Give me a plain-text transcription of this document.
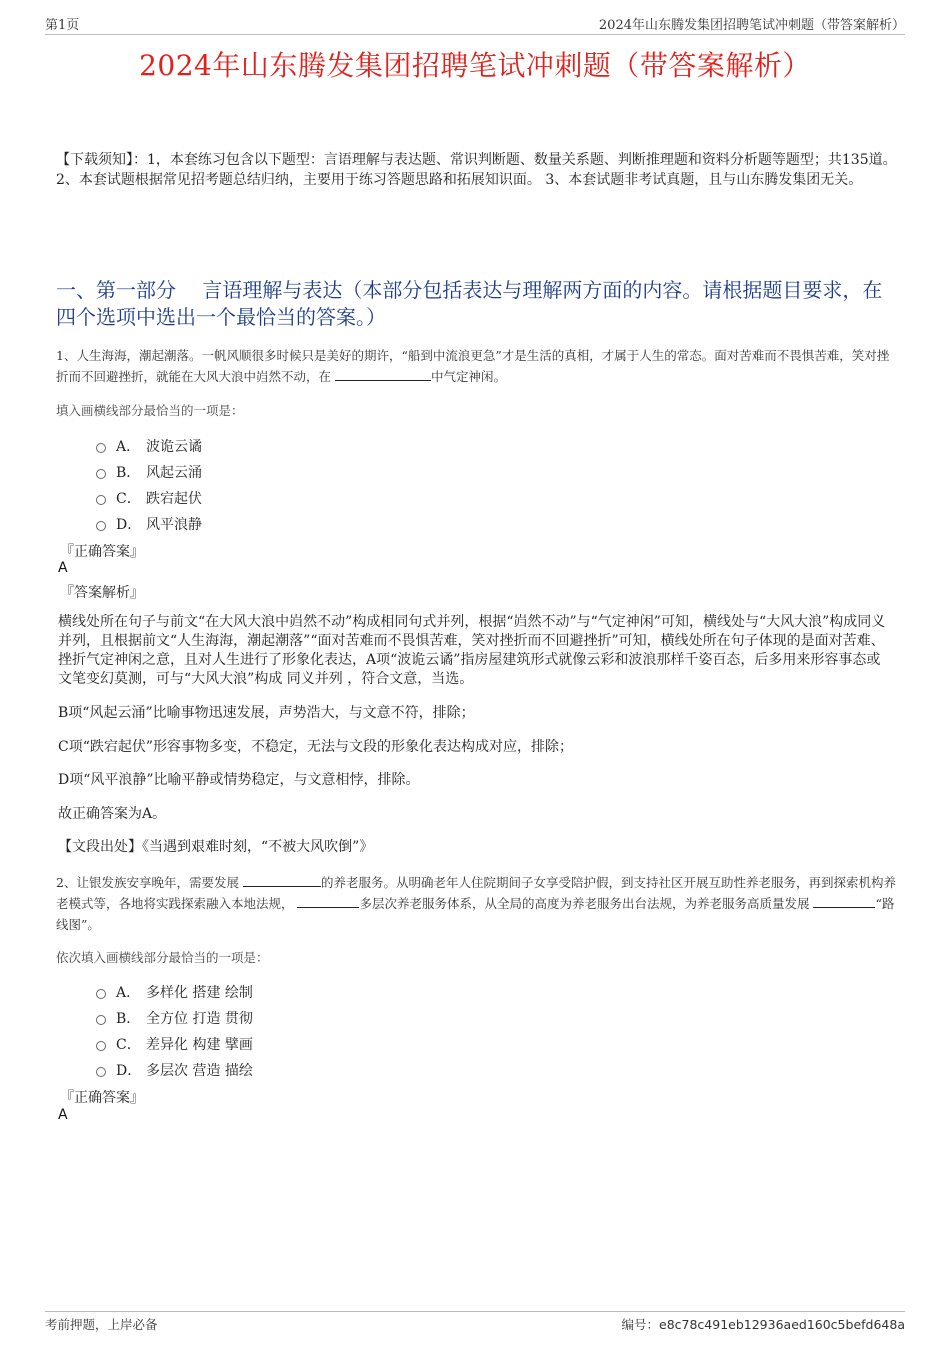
第1页	2024年山东腾发集团招聘笔试冲刺题（带答案解析）
2024年山东腾发集团招聘笔试冲刺题（带答案解析）
【下载须知】：1，本套练习包含以下题型：言语理解与表达题、常识判断题、数量关系题、判断推理题和资料分析题等题型；共135道。 2、本套试题根据常见招考题总结归纳，主要用于练习答题思路和拓展知识面。 3、本套试题非考试真题，且与山东腾发集团无关。
一、第一部分　 言语理解与表达（本部分包括表达与理解两方面的内容。请根据题目要求，在四个选项中选出一个最恰当的答案。）
1、人生海海，潮起潮落。一帆风顺很多时候只是美好的期许，“船到中流浪更急”才是生活的真相，才属于人生的常态。面对苦难而不畏惧苦难，笑对挫折而不回避挫折，就能在大风大浪中岿然不动，在	中气定神闲。
填入画横线部分最恰当的一项是：
A． 波诡云谲
B． 风起云涌
C． 跌宕起伏
D． 风平浪静
『正确答案』
A
『答案解析』
横线处所在句子与前文“在大风大浪中岿然不动”构成相同句式并列，根据“岿然不动”与“气定神闲”可知，横线处与“大风大浪”构成同义并列，且根据前文“人生海海，潮起潮落”“面对苦难而不畏惧苦难，笑对挫折而不回避挫折”可知，横线处所在句子体现的是面对苦难、挫折气定神闲之意，且对人生进行了形象化表达，A项“波诡云谲”指房屋建筑形式就像云彩和波浪那样千姿百态，后多用来形容事态或文笔变幻莫测，可与“大风大浪”构成 同义并列 ，符合文意，当选。
B项“风起云涌”比喻事物迅速发展，声势浩大，与文意不符，排除；
C项“跌宕起伏”形容事物多变，不稳定，无法与文段的形象化表达构成对应，排除；
D项“风平浪静”比喻平静或情势稳定，与文意相悖，排除。
故正确答案为A。
【文段出处】《当遇到艰难时刻，“不被大风吹倒”》
2、让银发族安享晚年，需要发展	的养老服务。从明确老年人住院期间子女享受陪护假，到支持社区开展互助性养老服务，再到探索机构养老模式等，各地将实践探索融入本地法规，	多层次养老服务体系，从全局的高度为养老服务出台法规，为养老服务高质量发展	“路线图”。
依次填入画横线部分最恰当的一项是：
A． 多样化 搭建 绘制
B． 全方位 打造 贯彻
C． 差异化 构建 擘画
D． 多层次 营造 描绘
『正确答案』
A
考前押题，上岸必备	编号：e8c78c491eb12936aed160c5befd648a
